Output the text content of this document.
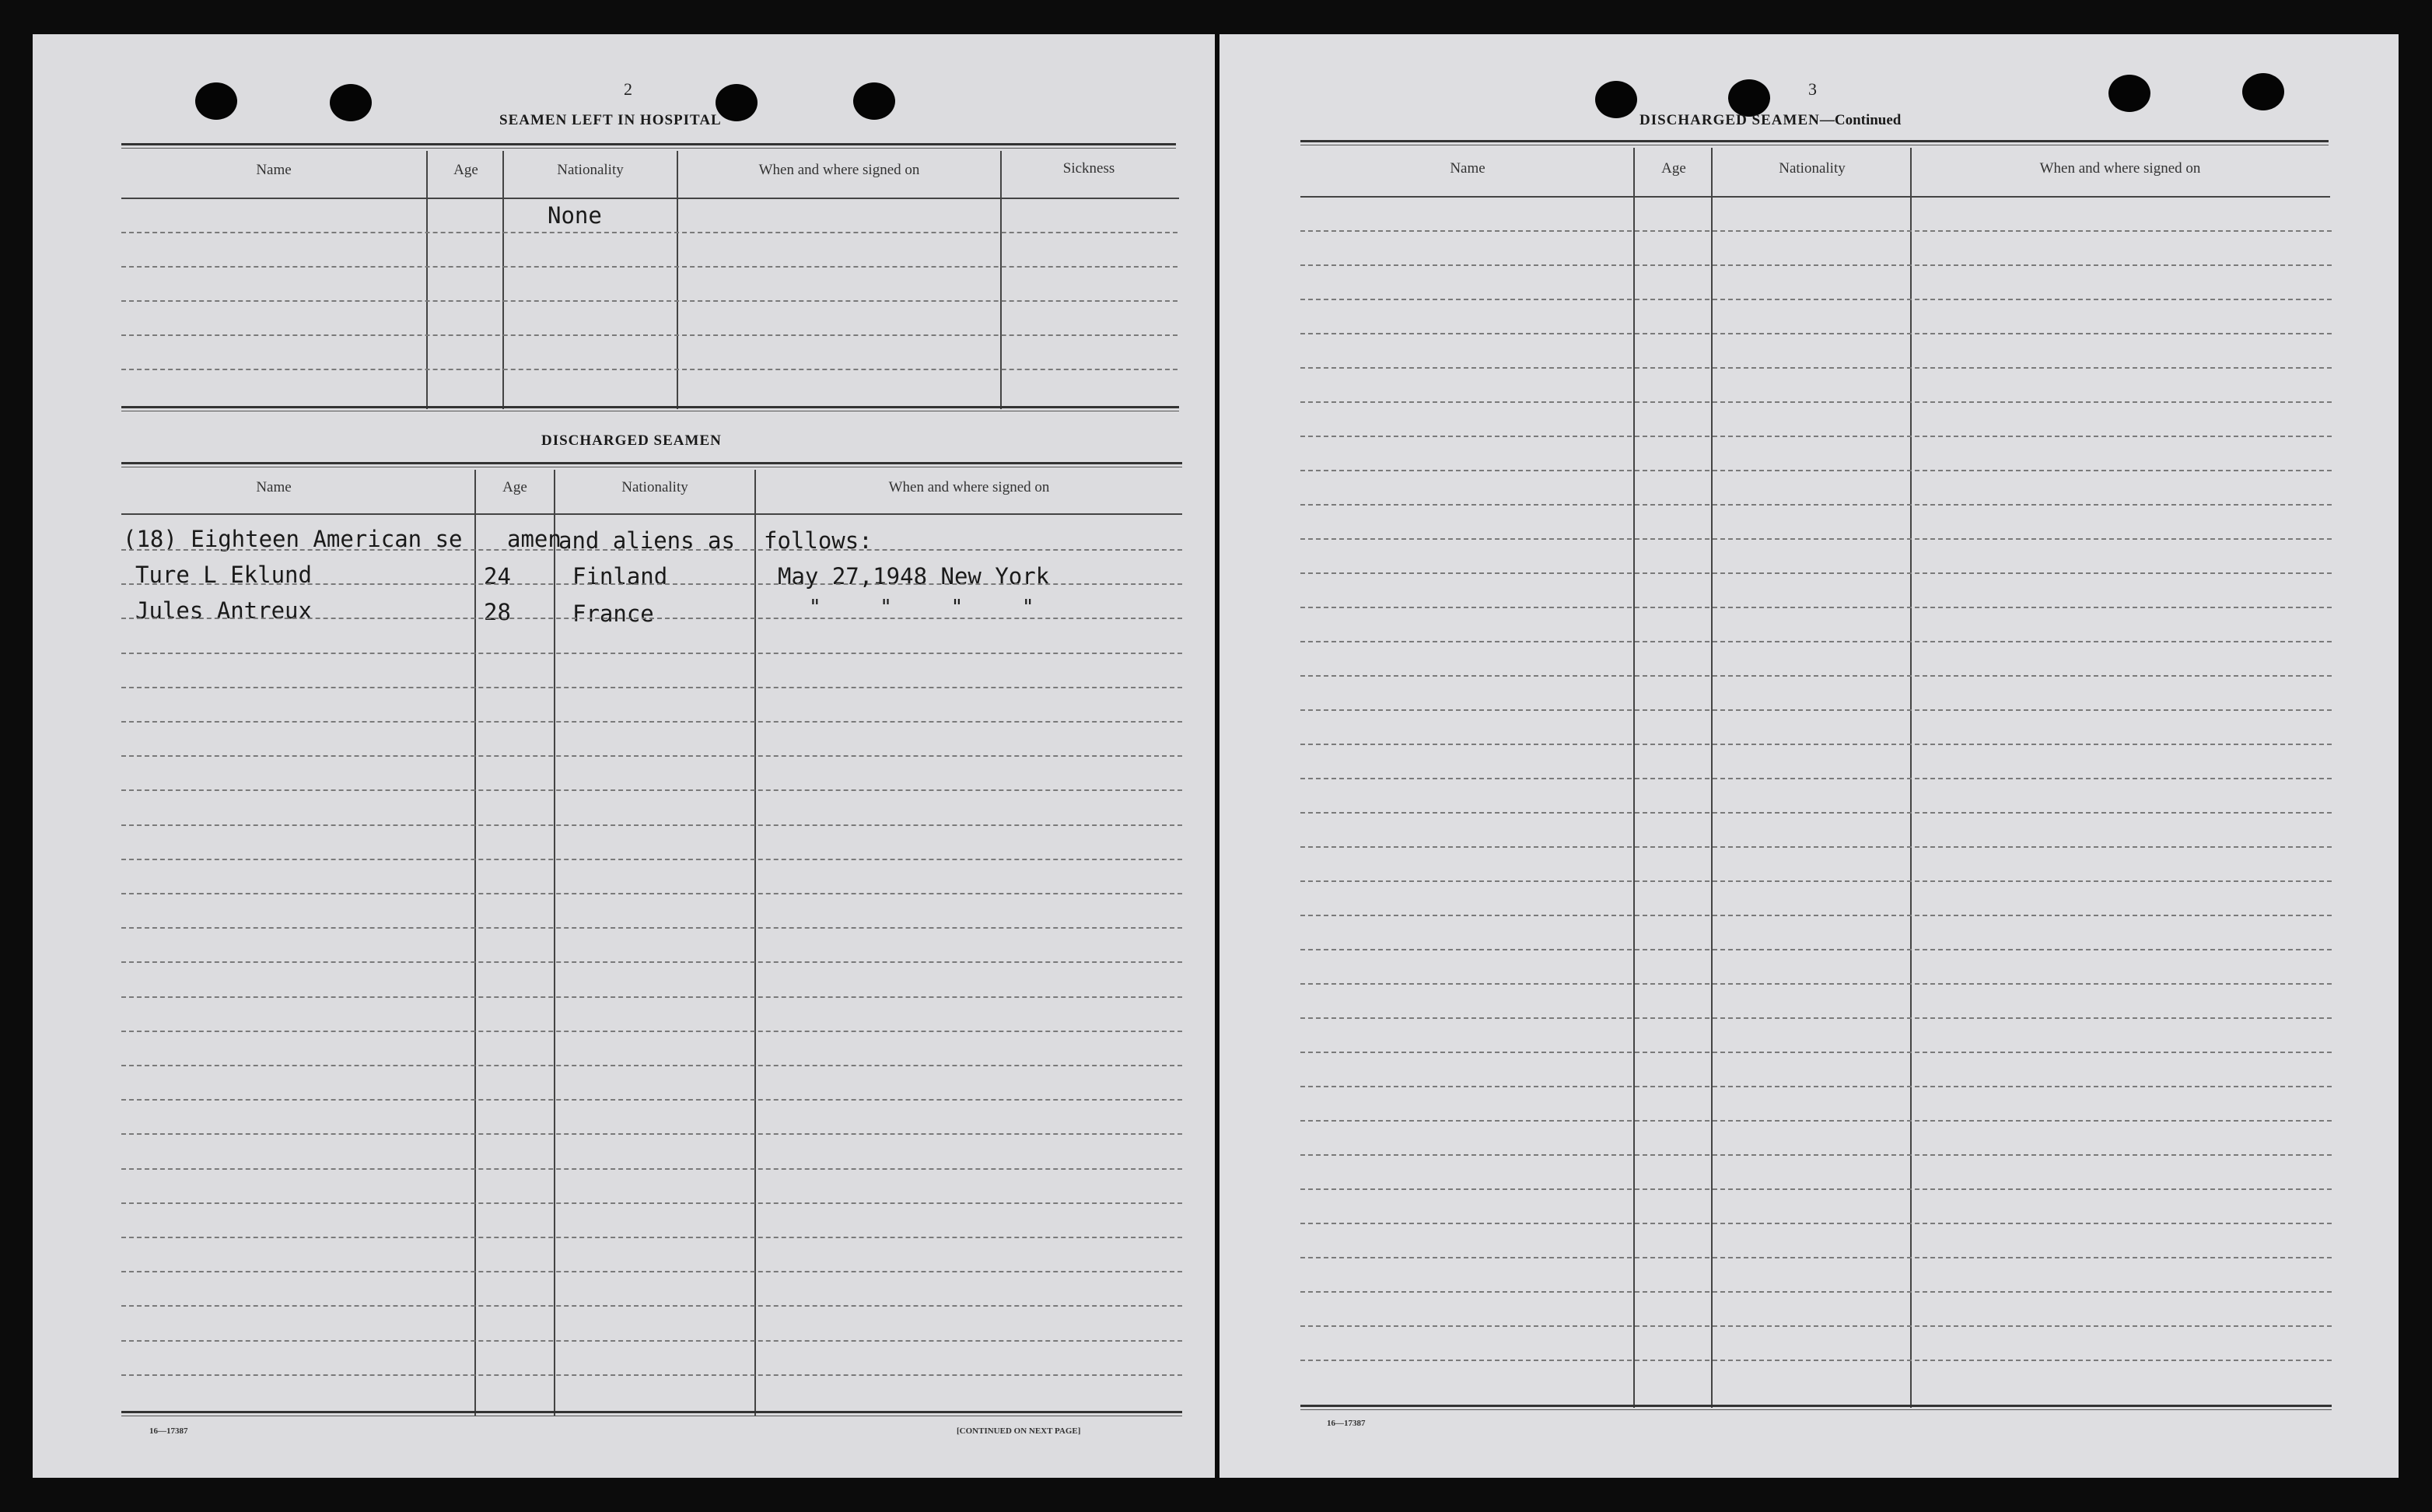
2
SEAMEN LEFT IN HOSPITAL
Name	Age	Nationality	When and where signed on	Sickness
None
DISCHARGED SEAMEN
Name	Age	Nationality	When and where signed on
(18) Eighteen American se amen
and aliens as follows:
Ture L Eklund	24	Finland	May 27,1948 New York
Jules Antreux	28	France	" " " "
16—17387	[CONTINUED ON NEXT PAGE]
3
DISCHARGED SEAMEN—Continued
Name	Age	Nationality	When and where signed on
16—17387
